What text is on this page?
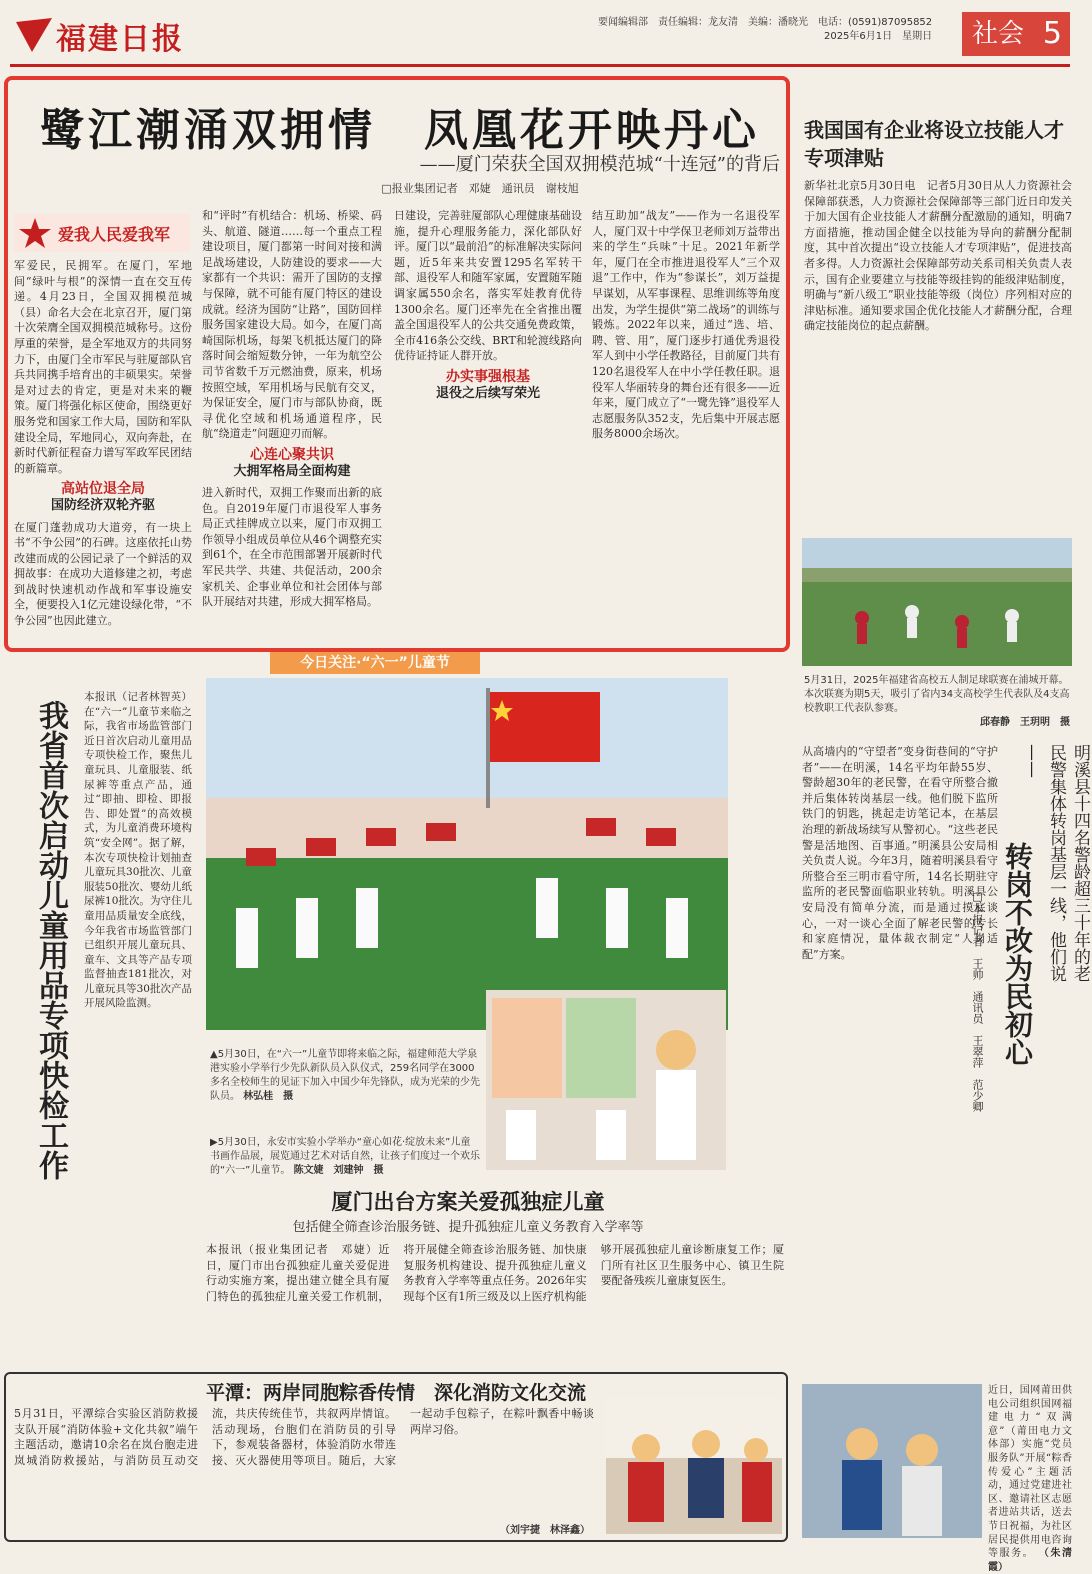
福建日报	要闻编辑部　责任编辑：龙友清　美编：潘晓光　电话：(0591)87095852
2025年6月1日　星期日	社会 5
鹭江潮涌双拥情　凤凰花开映丹心
——厦门荣获全国双拥模范城“十连冠”的背后
□报业集团记者　邓婕　通讯员　谢枝旭
爱我人民爱我军
军爱民，民拥军。在厦门，军地间“绿叶与根”的深情一直在交互传递。4月23日，全国双拥模范城（县）命名大会在北京召开，厦门第十次荣膺全国双拥模范城称号。这份厚重的荣誉，是全军地双方的共同努力下，由厦门全市军民与驻厦部队官兵共同携手培育出的丰硕果实。荣誉是对过去的肯定，更是对未来的鞭策。厦门将强化标区使命，围绕更好服务党和国家工作大局，国防和军队建设全局，军地同心，双向奔赴，在新时代新征程奋力谱写军政军民团结的新篇章。
高站位退全局
国防经济双轮齐驱
在厦门蓬勃成功大道旁，有一块上书“不争公园”的石碑。这座依托山势改建而成的公园记录了一个鲜活的双拥故事：在成功大道修建之初，考虑到战时快速机动作战和军事设施安全，便要投入1亿元建设绿化带，“不争公园”也因此建立。
和“评时”有机结合：机场、桥梁、码头、航道、隧道……每一个重点工程建设项目，厦门都第一时间对接和满足战场建设，人防建设的要求——大家都有一个共识：需开了国防的支撑与保障，就不可能有厦门特区的建设成就。经济为国防“让路”，国防回样服务国家建设大局。如今，在厦门高崎国际机场，每架飞机抵达厦门的降落时间会缩短数分钟，一年为航空公司节省数千万元燃油费，原来，机场按照空域，军用机场与民航有交叉，为保证安全，厦门市与部队协商，既寻优化空域和机场通道程序，民航“绕道走”问题迎刃而解。
心连心聚共识
大拥军格局全面构建
进入新时代，双拥工作聚而出新的底色。自2019年厦门市退役军人事务局正式挂牌成立以来，厦门市双拥工作领导小组成员单位从46个调整充实到61个，在全市范围部署开展新时代军民共学、共建、共促活动，200余家机关、企事业单位和社会团体与部队开展结对共建，形成大拥军格局。
日建设，完善驻厦部队心理健康基础设施，提升心理服务能力，深化部队好评。厦门以“最前沿”的标准解决实际问题，近5年来共安置1295名军转干部、退役军人和随军家属，安置随军随调家属550余名，落实军娃教育优待1300余名。厦门还率先在全省推出覆盖全国退役军人的公共交通免费政策，全市416条公交线、BRT和轮渡线路向优待证持证人群开放。
办实事强根基
退役之后续写荣光
结互助加“战友”——作为一名退役军人，厦门双十中学保卫老师刘万益带出来的学生“兵味”十足。2021年新学年，厦门在全市推进退役军人“三个双退”工作中，作为“参谋长”，刘万益提早谋划，从军事课程、思维训练等角度出发，为学生提供“第二战场”的训练与锻炼。2022年以来，通过“选、培、聘、管、用”，厦门逐步打通优秀退役军人到中小学任教路径，目前厦门共有120名退役军人在中小学任教任职。退役军人华丽转身的舞台还有很多——近年来，厦门成立了“一鹭先锋”退役军人志愿服务队352支，先后集中开展志愿服务8000余场次。
我国国有企业将设立技能人才专项津贴
新华社北京5月30日电　记者5月30日从人力资源社会保障部获悉，人力资源社会保障部等三部门近日印发关于加大国有企业技能人才薪酬分配激励的通知，明确7方面措施，推动国企健全以技能为导向的薪酬分配制度，其中首次提出“设立技能人才专项津贴”，促进技高者多得。人力资源社会保障部劳动关系司相关负责人表示，国有企业要建立与技能等级挂钩的能级津贴制度，明确与“新八级工”职业技能等级（岗位）序列相对应的津贴标准。通知要求国企优化技能人才薪酬分配，合理确定技能岗位的起点薪酬。
5月31日，2025年福建省高校五人制足球联赛在浦城开幕。本次联赛为期5天，吸引了省内34支高校学生代表队及4支高校教职工代表队参赛。
邱春静　王玥明　摄
今日关注·“六一”儿童节
我省首次启动儿童用品专项快检工作
本报讯（记者林智英）在“六一”儿童节来临之际，我省市场监管部门近日首次启动儿童用品专项快检工作，聚焦儿童玩具、儿童服装、纸尿裤等重点产品，通过“即抽、即检、即报告、即处置”的高效模式，为儿童消费环境构筑“安全网”。据了解，本次专项快检计划抽查儿童玩具30批次、儿童服装50批次、婴幼儿纸尿裤10批次。为守住儿童用品质量安全底线，今年我省市场监管部门已组织开展儿童玩具、童车、文具等产品专项监督抽查181批次，对儿童玩具等30批次产品开展风险监测。
▲5月30日，在“六一”儿童节即将来临之际，福建师范大学泉港实验小学举行少先队新队员入队仪式，259名同学在3000多名全校师生的见证下加入中国少年先锋队，成为光荣的少先队员。 林弘桂　摄
▶5月30日，永安市实验小学举办“童心如花·绽放未来”儿童书画作品展，展览通过艺术对话自然，让孩子们度过一个欢乐的“六一”儿童节。 陈文婕　刘建钟　摄
厦门出台方案关爱孤独症儿童
包括健全筛查诊治服务链、提升孤独症儿童义务教育入学率等
本报讯（报业集团记者　邓婕）近日，厦门市出台孤独症儿童关爱促进行动实施方案，提出建立健全具有厦门特色的孤独症儿童关爱工作机制，将开展健全筛查诊治服务链、加快康复服务机构建设、提升孤独症儿童义务教育入学率等重点任务。2026年实现每个区有1所三级及以上医疗机构能够开展孤独症儿童诊断康复工作；厦门所有社区卫生服务中心、镇卫生院要配备残疾儿童康复医生。
从高墙内的“守望者”变身街巷间的“守护者”——在明溪，14名平均年龄55岁、警龄超30年的老民警，在看守所整合撤并后集体转岗基层一线。他们脱下监所铁门的钥匙，挑起走访笔记本，在基层治理的新战场续写从警初心。“这些老民警是活地图、百事通。”明溪县公安局相关负责人说。今年3月，随着明溪县看守所整合至三明市看守所，14名长期驻守监所的老民警面临职业转轨。明溪县公安局没有简单分流，而是通过摸底谈心，一对一谈心全面了解老民警的专长和家庭情况，量体裁衣制定“人岗适配”方案。	明溪县十四名警龄超三十年的老民警集体转岗基层一线，他们说——
转岗不改为民初心
□本报记者　王帅　通讯员　王翠萍　范少卿
平潭：两岸同胞粽香传情　深化消防文化交流
5月31日，平潭综合实验区消防救援支队开展“消防体验+文化共叙”端午主题活动，邀请10余名在岚台胞走进岚城消防救援站，与消防员互动交流，共庆传统佳节，共叙两岸情谊。活动现场，台胞们在消防员的引导下，参观装备器材，体验消防水带连接、灭火器使用等项目。随后，大家一起动手包粽子，在粽叶飘香中畅谈两岸习俗。
（刘宇捷　林泽鑫）
近日，国网莆田供电公司组织国网福建电力“双满意”（莆田电力文体部）实施“党员服务队”开展“粽香传爱心”主题活动，通过党建进社区、邀请社区志愿者进站共话，送去节日祝福，为社区居民提供用电咨询等服务。 （朱清霞）
